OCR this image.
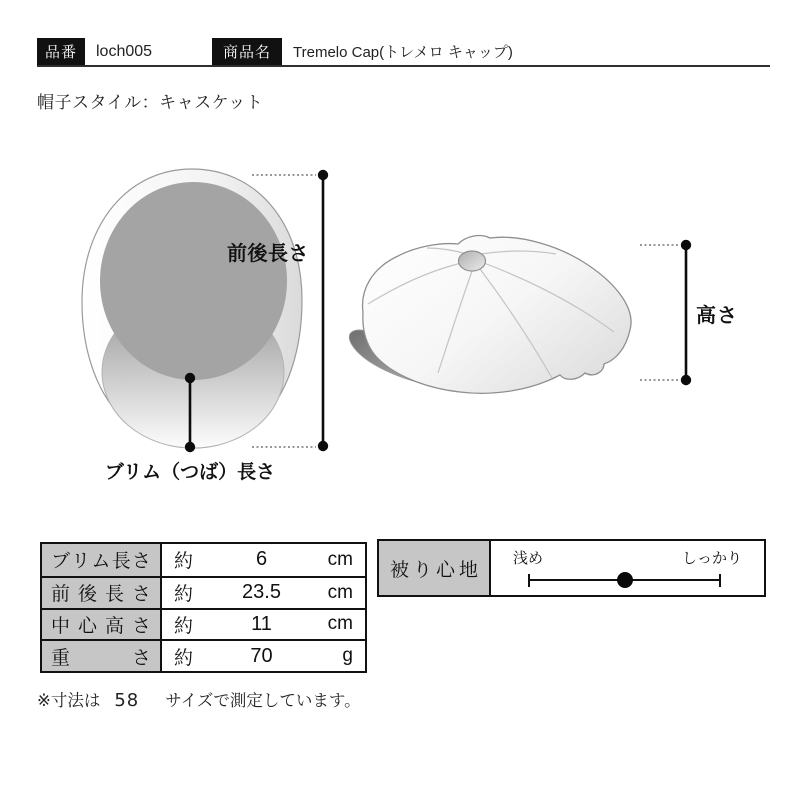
品番	loch005	商品名	Tremelo Cap(トレメロ キャップ)
帽子スタイル：キャスケット
前後長さ
ブリム（つば）長さ
高さ
ブ リ ム 長 さ 約	6	cm
前 後 長 さ 約	23.5	cm
中 心 高 さ 約	11	cm
重	さ 約	70	g
被 り 心 地
浅め	しっかり
※寸法は 58 サイズで測定しています。
